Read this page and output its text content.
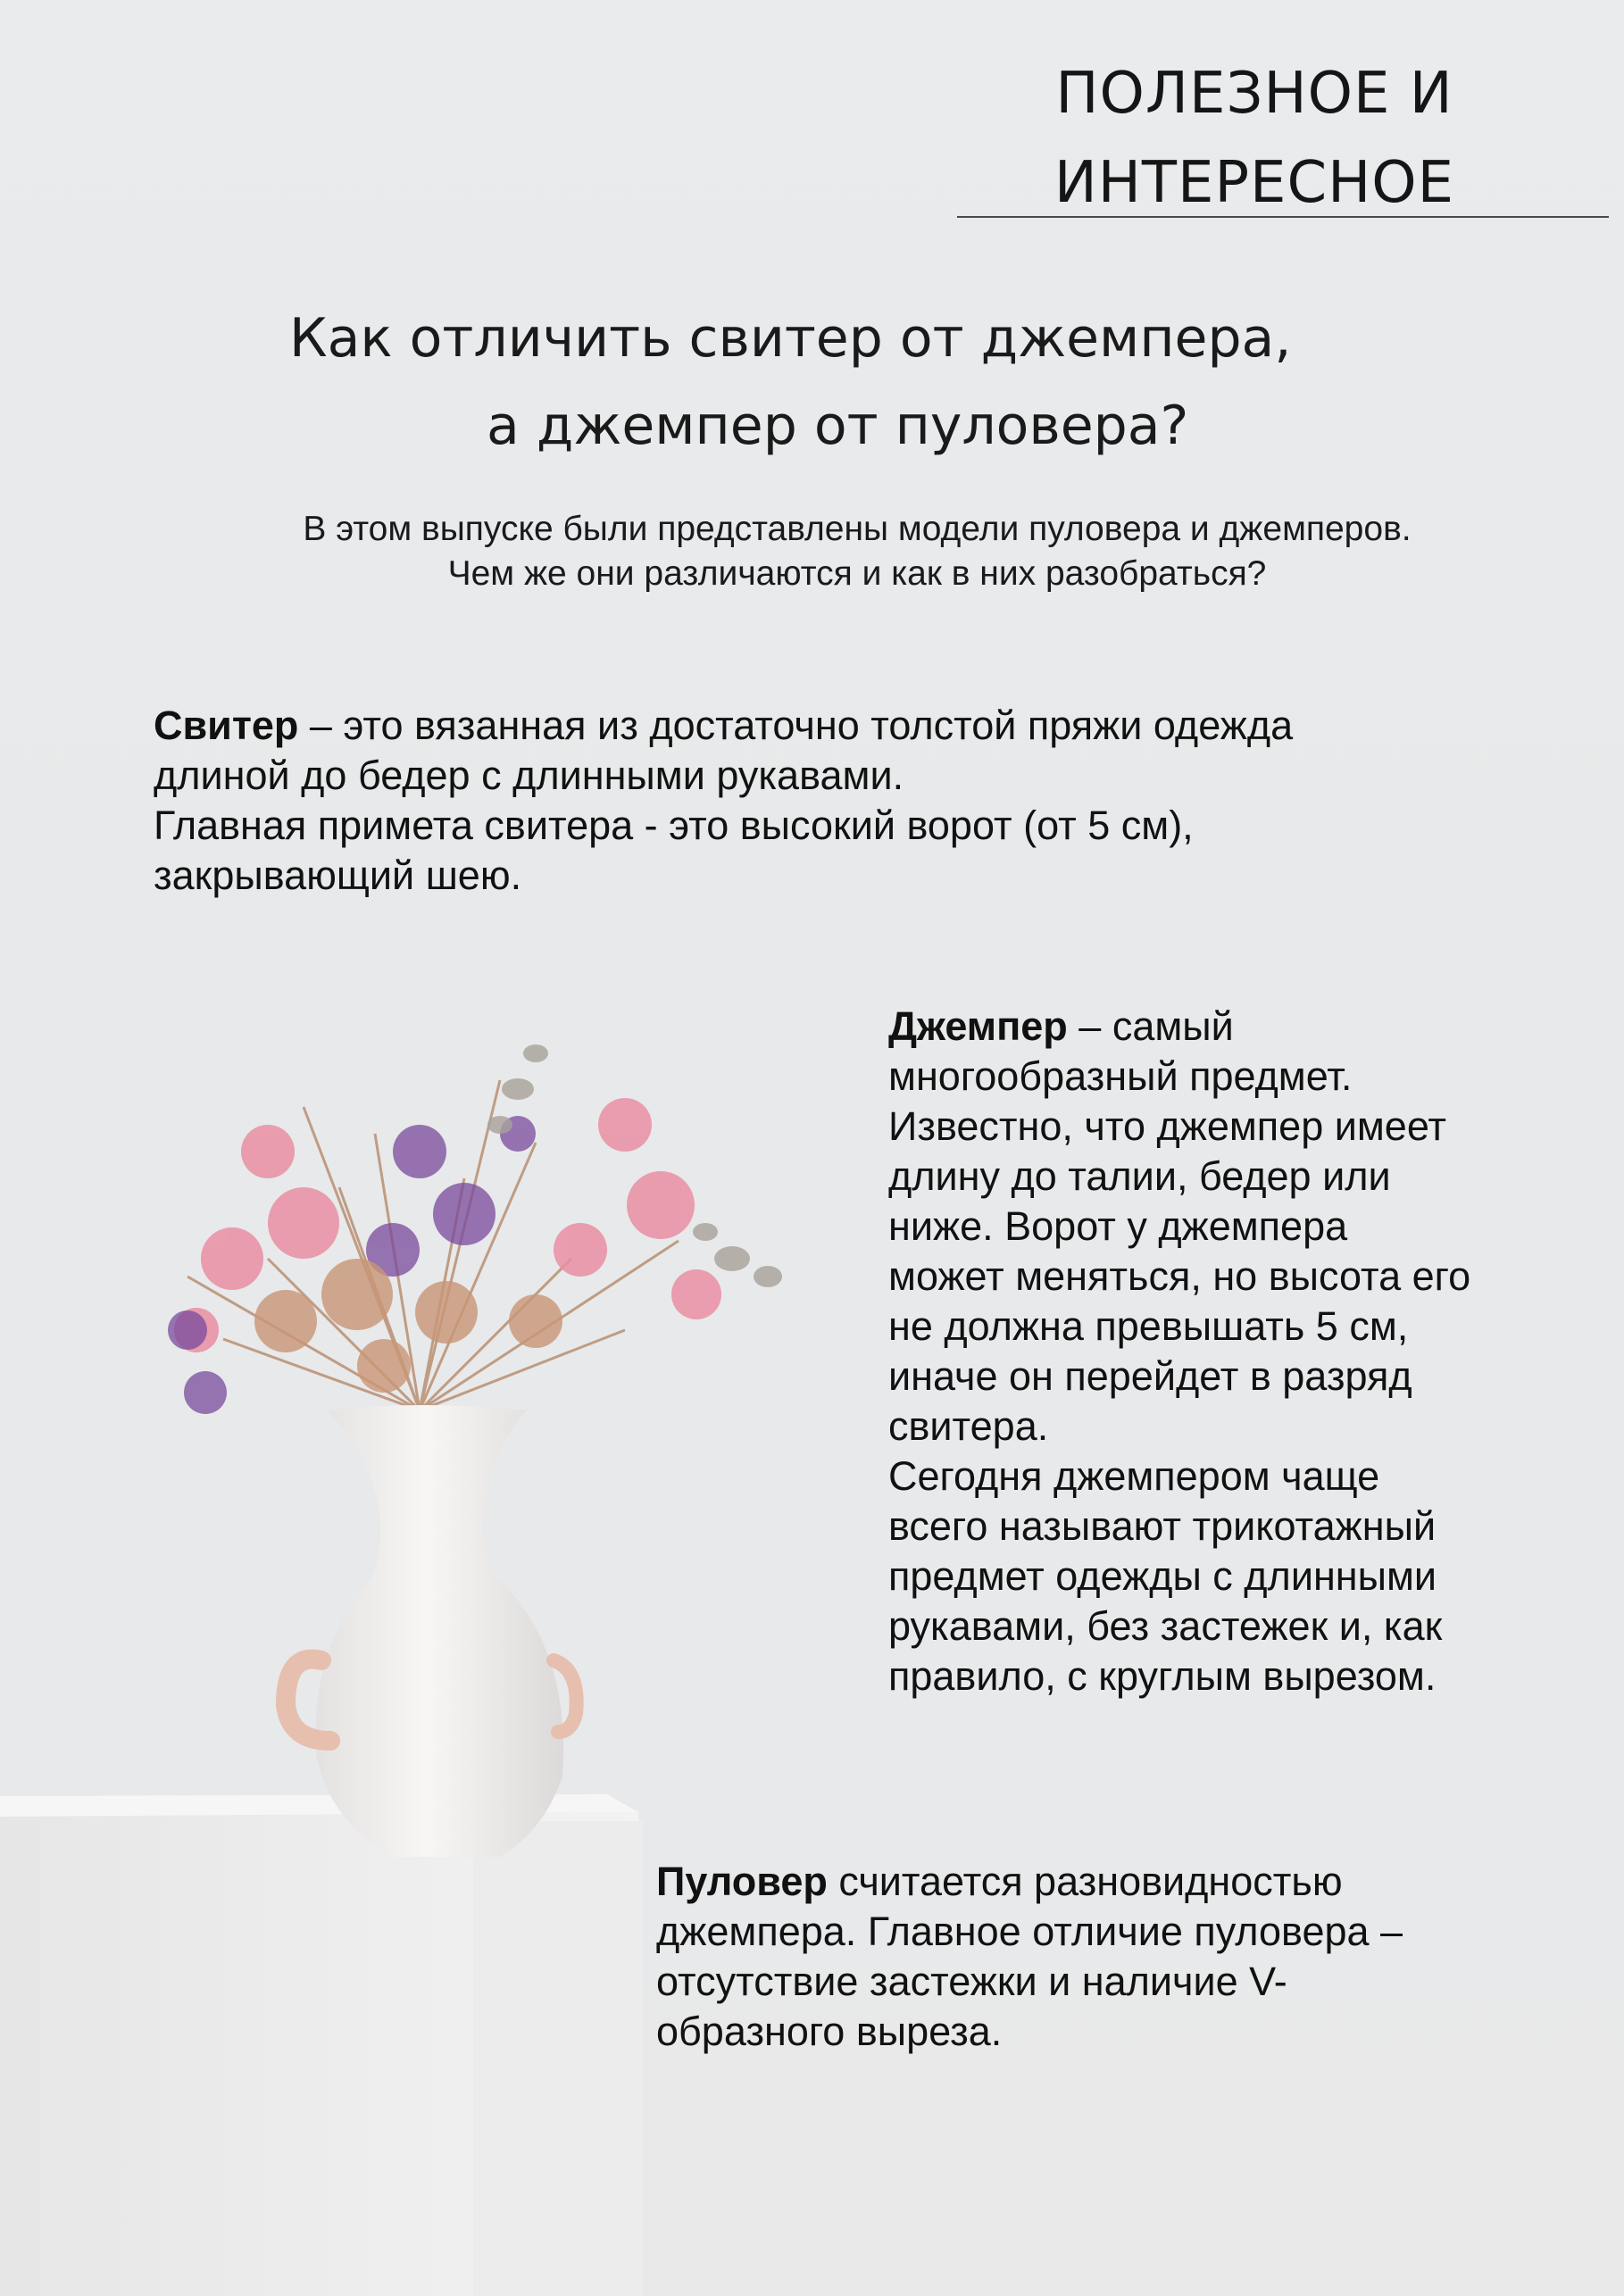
ПОЛЕЗНОЕ И
ИНТЕРЕСНОЕ
Как отличить свитер от джемпера,
а джемпер от пуловера?
В этом выпуске были представлены модели пуловера и джемперов.
Чем же они различаются и как в них разобраться?
Свитер – это вязанная из достаточно толстой пряжи одежда
длиной до бедер с длинными рукавами.
Главная примета свитера - это высокий ворот (от 5 см),
закрывающий шею.
Джемпер – самый
многообразный предмет.
Известно, что джемпер имеет
длину до талии, бедер или
ниже. Ворот у джемпера
может меняться, но высота его
не должна превышать 5 см,
иначе он перейдет в разряд
свитера.
Сегодня джемпером чаще
всего называют трикотажный
предмет одежды с длинными
рукавами, без застежек и, как
правило, с круглым вырезом.
Пуловер считается разновидностью
джемпера. Главное отличие пуловера –
отсутствие застежки и наличие V-
образного выреза.
